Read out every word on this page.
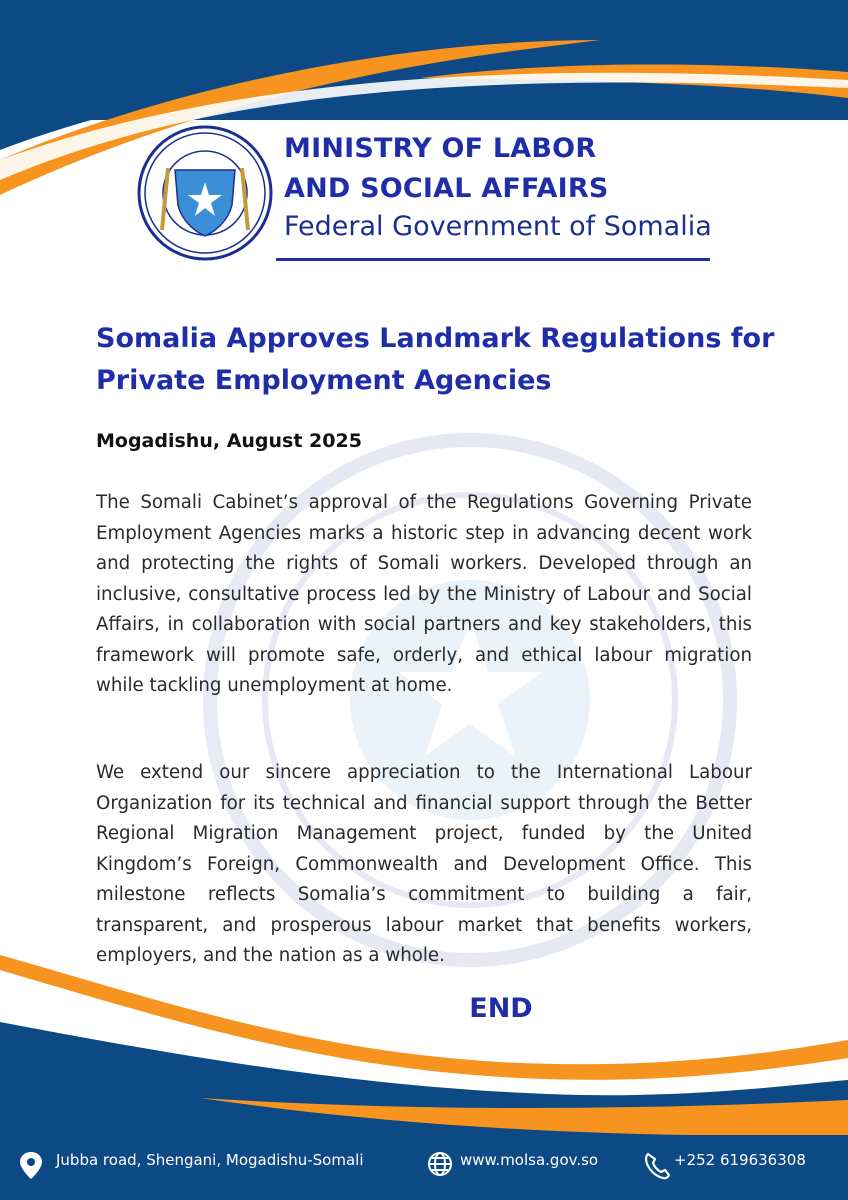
MINISTRY OF LABOR
AND SOCIAL AFFAIRS
Federal Government of Somalia
Somalia Approves Landmark Regulations for Private Employment Agencies
Mogadishu, August 2025

The Somali Cabinet’s approval of the Regulations Governing Private Employment Agencies marks a historic step in advancing decent work and protecting the rights of Somali workers. Developed through an inclusive, consultative process led by the Ministry of Labour and Social Affairs, in collaboration with social partners and key stakeholders, this framework will promote safe, orderly, and ethical labour migration while tackling unemployment at home.

We extend our sincere appreciation to the International Labour Organization for its technical and financial support through the Better Regional Migration Management project, funded by the United Kingdom’s Foreign, Commonwealth and Development Office. This milestone reflects Somalia’s commitment to building a fair, transparent, and prosperous labour market that benefits workers, employers, and the nation as a whole.

END
Jubba road, Shengani, Mogadishu-Somali	www.molsa.gov.so	+252 619636308
